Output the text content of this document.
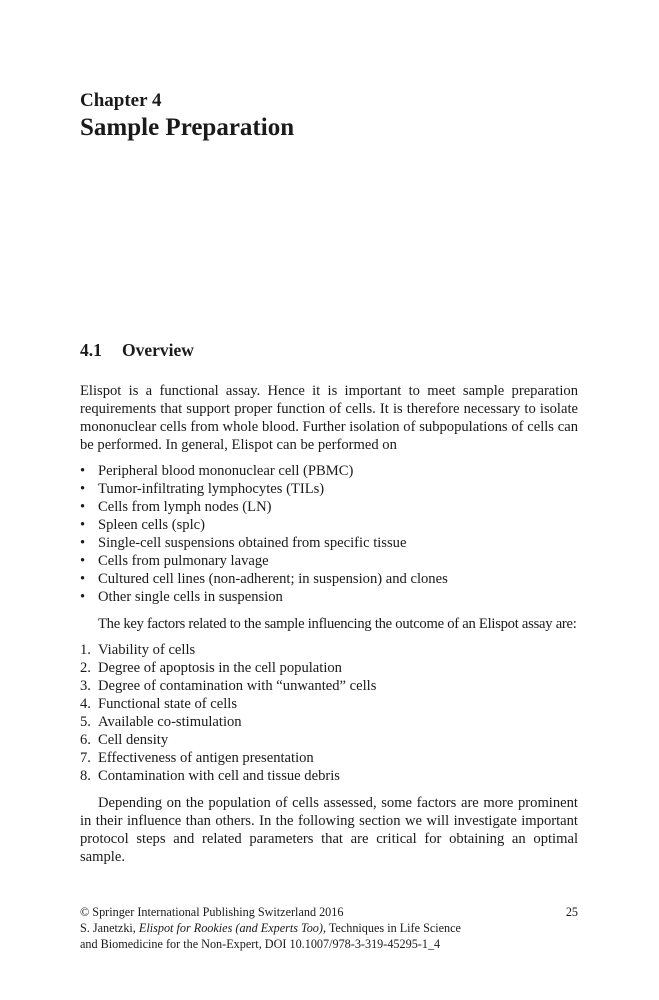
Chapter 4
Sample Preparation
4.1 Overview

Elispot is a functional assay. Hence it is important to meet sample preparation requirements that support proper function of cells. It is therefore necessary to isolate mononuclear cells from whole blood. Further isolation of subpopulations of cells can be performed. In general, Elispot can be performed on

• Peripheral blood mononuclear cell (PBMC)
• Tumor-infiltrating lymphocytes (TILs)
• Cells from lymph nodes (LN)
• Spleen cells (splc)
• Single-cell suspensions obtained from specific tissue
• Cells from pulmonary lavage
• Cultured cell lines (non-adherent; in suspension) and clones
• Other single cells in suspension

The key factors related to the sample influencing the outcome of an Elispot assay are:

1. Viability of cells
2. Degree of apoptosis in the cell population
3. Degree of contamination with “unwanted” cells
4. Functional state of cells
5. Available co-stimulation
6. Cell density
7. Effectiveness of antigen presentation
8. Contamination with cell and tissue debris

Depending on the population of cells assessed, some factors are more prominent in their influence than others. In the following section we will investigate important protocol steps and related parameters that are critical for obtaining an optimal sample.

© Springer International Publishing Switzerland 2016	25
S. Janetzki, Elispot for Rookies (and Experts Too), Techniques in Life Science
and Biomedicine for the Non-Expert, DOI 10.1007/978-3-319-45295-1_4
